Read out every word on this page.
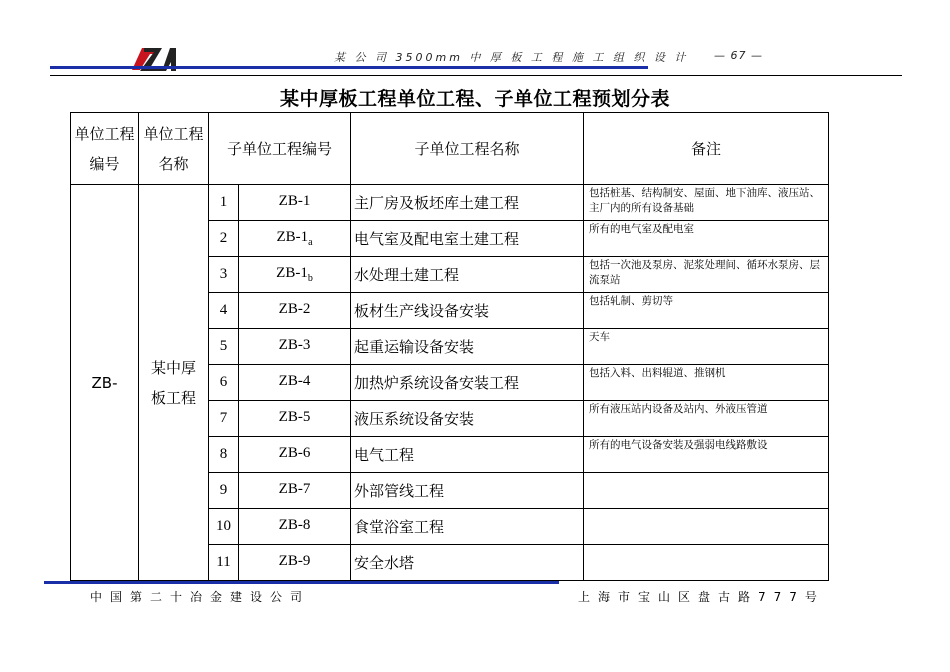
某 公 司 3500mm 中 厚 板 工 程 施 工 组 织 设 计 — 67 —
某中厚板工程单位工程、子单位工程预划分表
单位工程编号	单位工程名称	子单位工程编号		子单位工程名称	备注
ZB-	某中厚板工程	1	ZB-1	主厂房及板坯库土建工程	包括桩基、结构制安、屋面、地下油库、液压站、主厂内的所有设备基础
		2	$ZB-1_a$	电气室及配电室土建工程	所有的电气室及配电室
		3	$ZB-1_b$	水处理土建工程	包括一次池及泵房、泥浆处理间、循环水泵房、层流泵站
		4	ZB-2	板材生产线设备安装	包括轧制、剪切等
		5	ZB-3	起重运输设备安装	天车
		6	ZB-4	加热炉系统设备安装工程	包括入料、出料辊道、推钢机
		7	ZB-5	液压系统设备安装	所有液压站内设备及站内、外液压管道
		8	ZB-6	电气工程	所有的电气设备安装及强弱电线路敷设
		9	ZB-7	外部管线工程	
		10	ZB-8	食堂浴室工程	
		11	ZB-9	安全水塔	
中国第二十冶金建设公司	上海市宝山区盘古路777号
